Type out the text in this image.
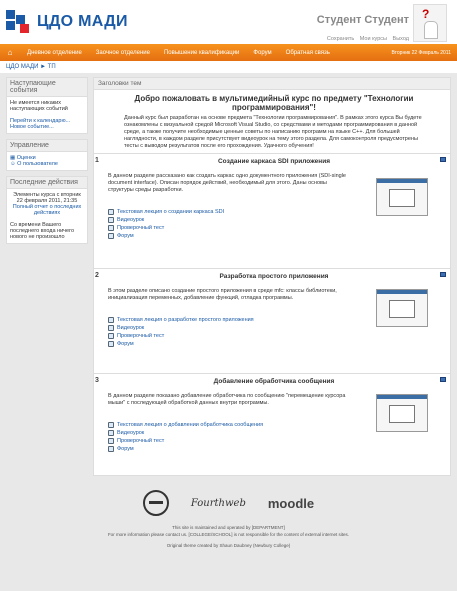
ЦДО МАДИ	Студент Студент
Сохранить Мои курсы Выход
?
⌂	Дневное отделение	Заочное отделение	Повышение квалификации	Форум	Обратная связь	Вторник 22 Февраль 2011
ЦДО МАДИ ► ТП
Наступающие события
Не имеется никаких наступающих событий
Перейти к календарю...
Новое событие...
Управление
▦ Оценки
☺ О пользователе
Последние действия
Элементы курса с вторник 22 февраля 2011, 21:35
Полный отчет о последних действиях
Со времени Вашего последнего входа ничего нового не произошло
Заголовки тем
Добро пожаловать в мультимедийный курс по предмету "Технологии программирования"!
Данный курс был разработан на основе предмета "Технологии программирования". В рамках этого курса Вы будете ознакомлены с визуальной средой Microsoft Visual Studio, со средствами и методами программирования в данной среде, а также получите необходимые ценные советы по написанию программ на языке С++. Для большей наглядности, в каждом разделе присутствует видеоурок на тему этого раздела. Для самоконтроля предусмотрены тесты с выводом результатов после его прохождения. Удачного обучения!
1	Создание каркаса SDI приложения
В данном разделе рассказано как создать каркас одно документного приложения (SDI-single document interface). Описан порядок действий, необходимый для этого. Даны основы структуры среды разработки.
Текстовая лекция о создании каркаса SDI
Видеоурок
Проверочный тест
Форум
2	Разработка простого приложения
В этом разделе описано создание простого приложения в среде mfc: классы библиотеки, инициализация переменных, добавление функций, отладка программы.
Текстовая лекция о разработке простого приложения
Видеоурок
Проверочный тест
Форум
3	Добавление обработчика сообщения
В данном разделе показано добавление обработчика по сообщению "перемещение курсора мыши" с последующей обработкой данных внутри программы.
Текстовая лекция о добавлении обработчика сообщения
Видеоурок
Проверочный тест
Форум
Fourthweb moodle
This site is maintained and operated by [DEPARTMENT]
For more information please contact us. [COLLEGE/SCHOOL] is not responsible for the content of external internet sites.
Original theme created by Shaun Daubney (Newbury College)
